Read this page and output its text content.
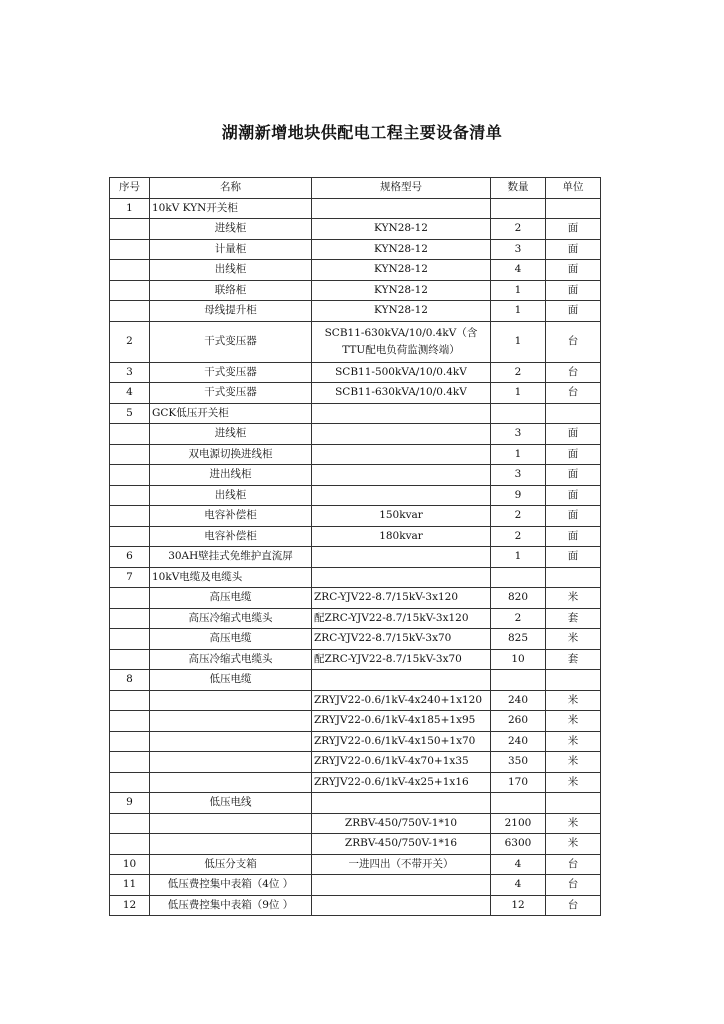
湖潮新增地块供配电工程主要设备清单
序号	名称	规格型号	数量	单位
1	10kV KYN开关柜			
	进线柜	KYN28-12	2	面
	计量柜	KYN28-12	3	面
	出线柜	KYN28-12	4	面
	联络柜	KYN28-12	1	面
	母线提升柜	KYN28-12	1	面
2	干式变压器	SCB11-630kVA/10/0.4kV（含TTU配电负荷监测终端）	1	台
3	干式变压器	SCB11-500kVA/10/0.4kV	2	台
4	干式变压器	SCB11-630kVA/10/0.4kV	1	台
5	GCK低压开关柜			
	进线柜		3	面
	双电源切换进线柜		1	面
	进出线柜		3	面
	出线柜		9	面
	电容补偿柜	150kvar	2	面
	电容补偿柜	180kvar	2	面
6	30AH壁挂式免维护直流屏		1	面
7	10kV电缆及电缆头			
	高压电缆	ZRC-YJV22-8.7/15kV-3x120	820	米
	高压冷缩式电缆头	配ZRC-YJV22-8.7/15kV-3x120	2	套
	高压电缆	ZRC-YJV22-8.7/15kV-3x70	825	米
	高压冷缩式电缆头	配ZRC-YJV22-8.7/15kV-3x70	10	套
8	低压电缆			
		ZRYJV22-0.6/1kV-4x240+1x120	240	米
		ZRYJV22-0.6/1kV-4x185+1x95	260	米
		ZRYJV22-0.6/1kV-4x150+1x70	240	米
		ZRYJV22-0.6/1kV-4x70+1x35	350	米
		ZRYJV22-0.6/1kV-4x25+1x16	170	米
9	低压电线			
		ZRBV-450/750V-1*10	2100	米
		ZRBV-450/750V-1*16	6300	米
10	低压分支箱	一进四出（不带开关）	4	台
11	低压费控集中表箱（4位 ）		4	台
12	低压费控集中表箱（9位 ）		12	台
